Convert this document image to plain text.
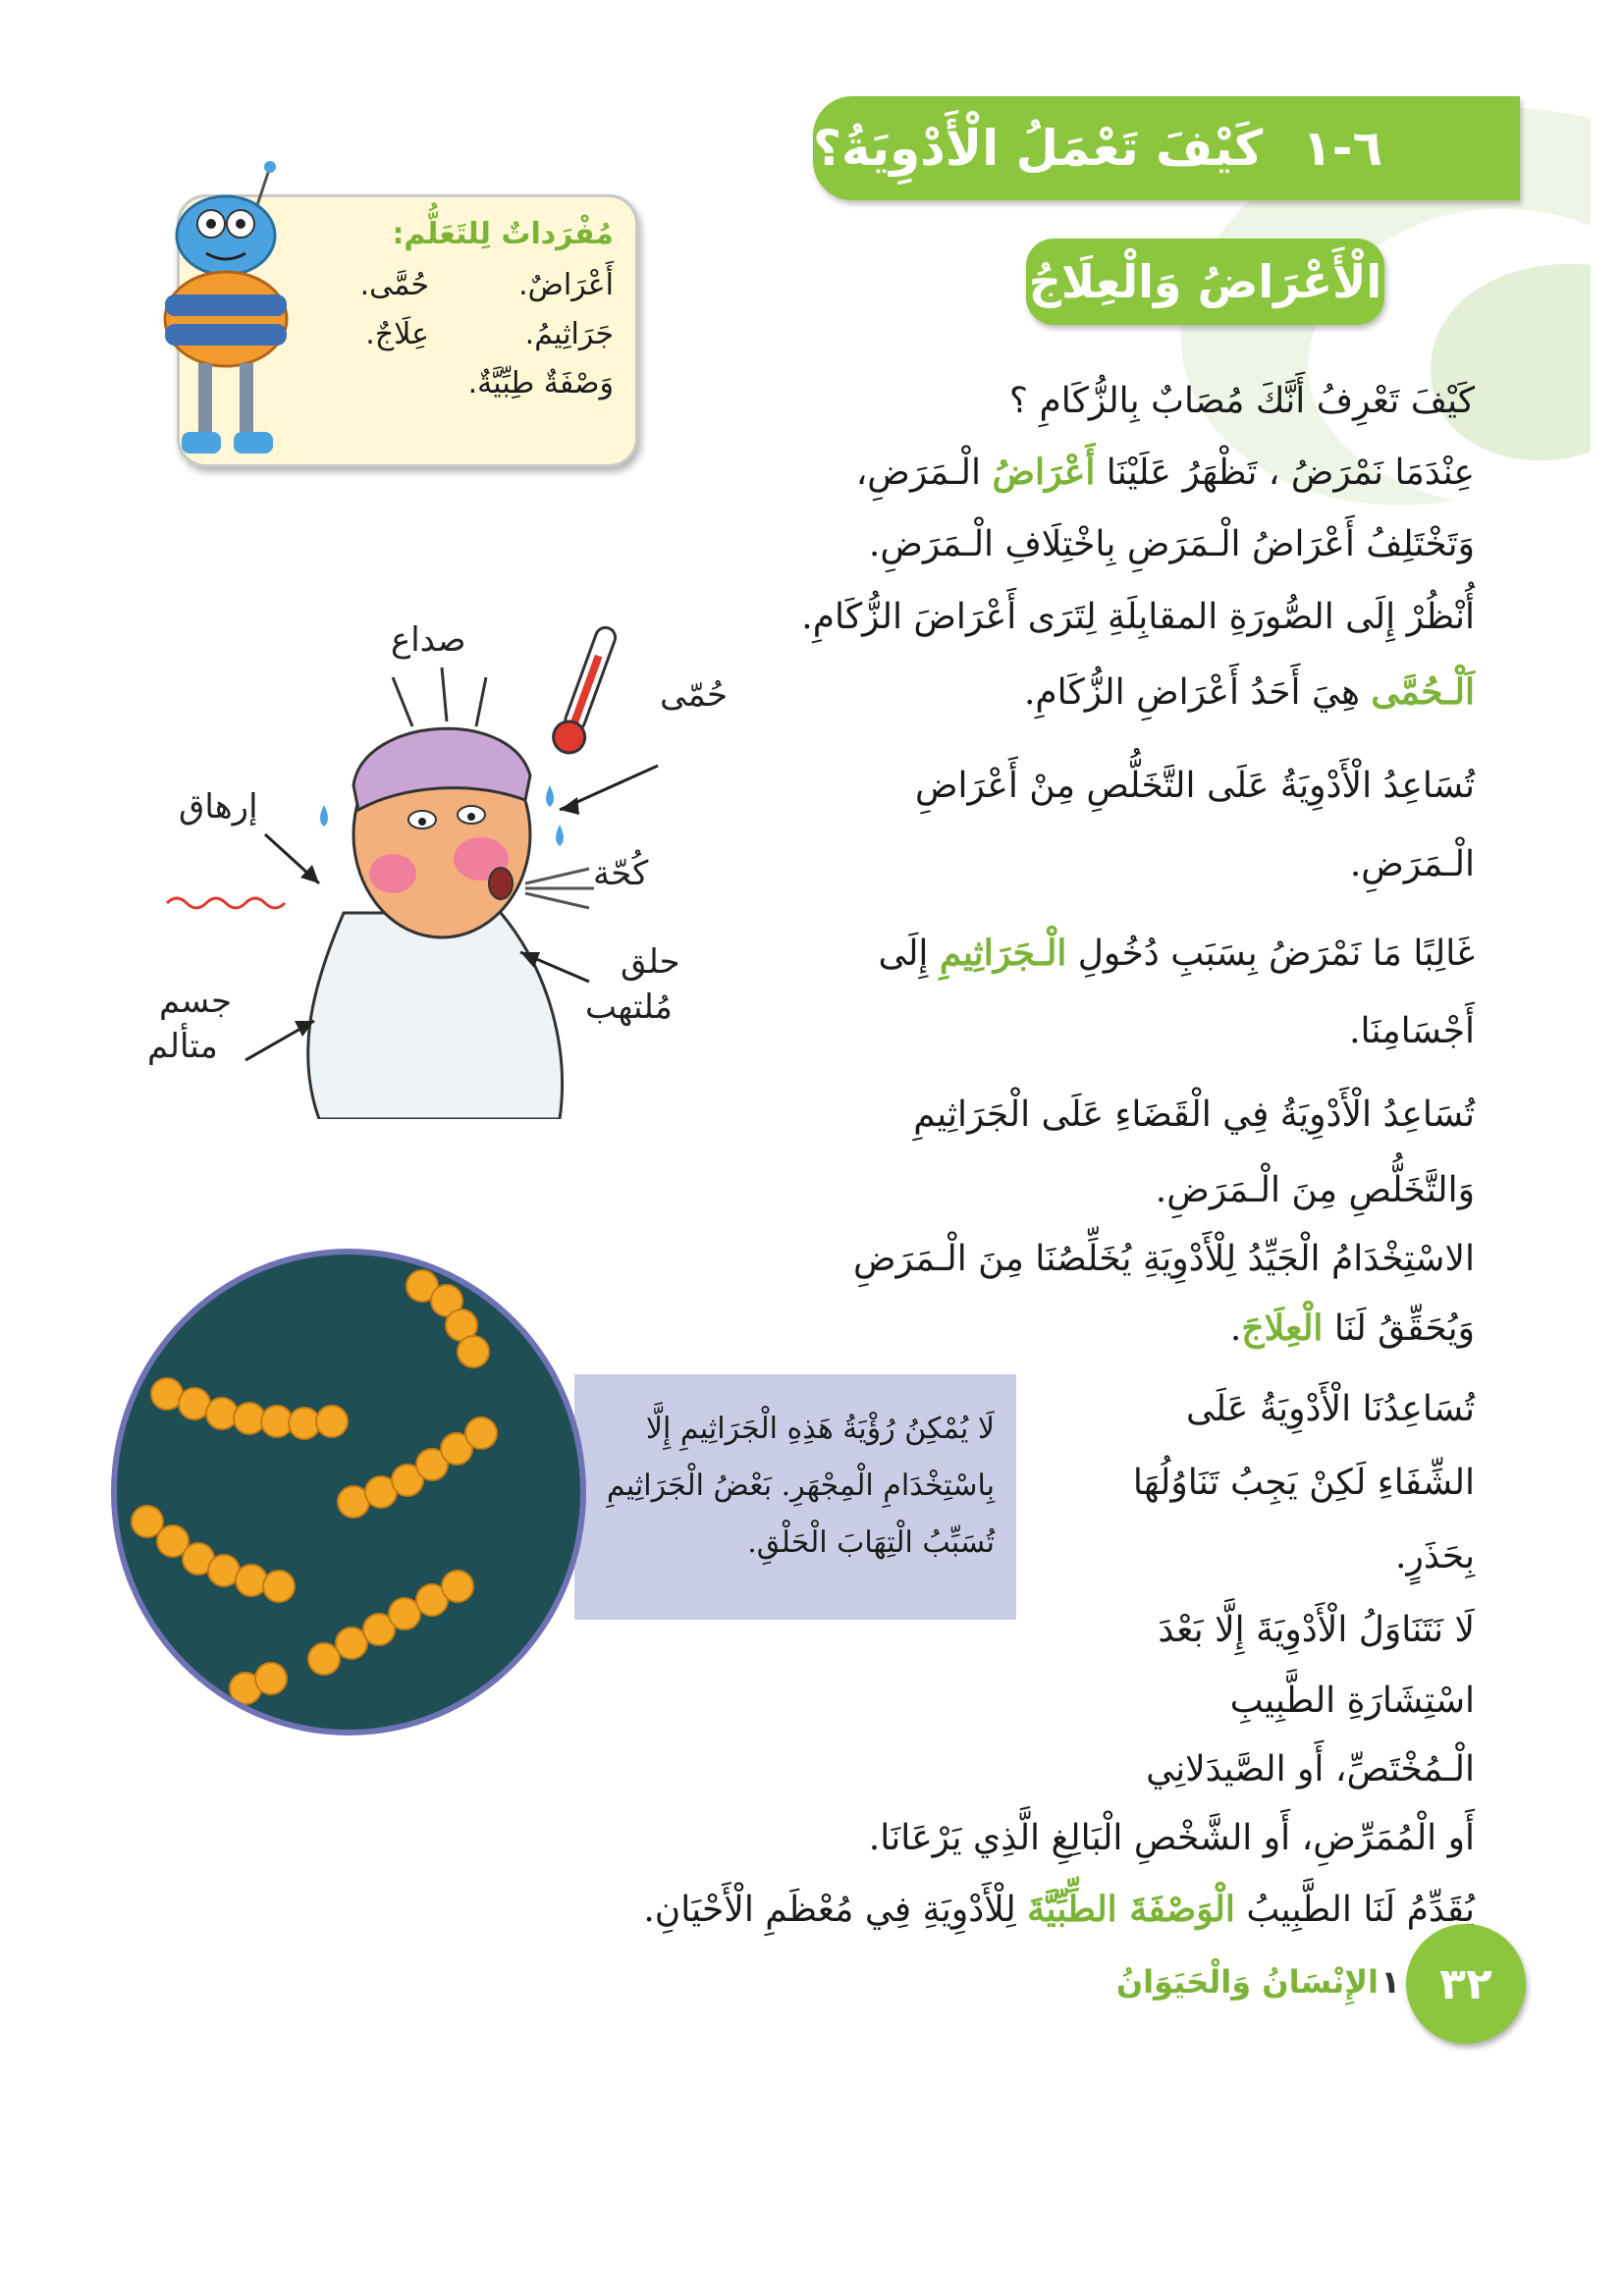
٦-١
كَيْفَ تَعْمَلُ الْأَدْوِيَةُ؟
الْأَعْرَاضُ وَالْعِلَاجُ
مُفْرَداتٌ لِلتَعَلُّم:
أَعْرَاضٌ.
جَرَاثِيمُ.
وَصْفَةٌ طِبِّيَّةٌ.
حُمَّى.
عِلَاجٌ.
كَيْفَ تَعْرِفُ أَنَّكَ مُصَابٌ بِالزُّكَامِ ؟
عِنْدَمَا نَمْرَضُ ، تَظْهَرُ عَلَيْنَا أَعْرَاضُ الْـمَرَضِ،
وَتَخْتَلِفُ أَعْرَاضُ الْـمَرَضِ بِاخْتِلَافِ الْـمَرَضِ.
أُنْظُرْ إِلَى الصُّورَةِ المقابِلَةِ لِتَرَى أَعْرَاضَ الزُّكَامِ.
اَلْـحُمَّى هِيَ أَحَدُ أَعْرَاضِ الزُّكَامِ.
تُسَاعِدُ الْأَدْوِيَةُ عَلَى التَّخَلُّصِ مِنْ أَعْرَاضِ
الْـمَرَضِ.
غَالِبًا مَا نَمْرَضُ بِسَبَبِ دُخُولِ الْـجَرَاثِيمِ إِلَى
أَجْسَامِنَا.
تُسَاعِدُ الْأَدْوِيَةُ فِي الْقَضَاءِ عَلَى الْجَرَاثِيمِ
وَالتَّخَلُّصِ مِنَ الْـمَرَضِ.
الاسْتِخْدَامُ الْجَيِّدُ لِلْأَدْوِيَةِ يُخَلِّصُنَا مِنَ الْـمَرَضِ
وَيُحَقِّقُ لَنَا الْعِلَاجَ.
تُسَاعِدُنَا الْأَدْوِيَةُ عَلَى
الشِّفَاءِ لَكِنْ يَجِبُ تَنَاوُلُهَا
بِحَذَرٍ.
لَا نَتَنَاوَلُ الْأَدْوِيَةَ إِلَّا بَعْدَ
اسْتِشَارَةِ الطَّبِيبِ
الْـمُخْتَصِّ، أَو الصَّيدَلانِي
أَو الْمُمَرِّضِ، أَو الشَّخْصِ الْبَالِغِ الَّذِي يَرْعَانَا.
يُقَدِّمُ لَنَا الطَّبِيبُ الْوَصْفَةَ الطِّبِّيَّةَ لِلْأَدْوِيَةِ فِي مُعْظَمِ الْأَحْيَانِ.
صداع
حُمّى
إرهاق
كُحّة
حلق
مُلتهب
جسم
متألم
لَا يُمْكِنُ رُؤْيَةُ هَذِهِ الْجَرَاثِيمِ إِلَّا
بِاسْتِخْدَامِ الْمِجْهَرِ. بَعْضُ الْجَرَاثِيمِ
تُسَبِّبُ الْتِهَابَ الْحَلْقِ.
٣٢
الإِنْسَانُ وَالْحَيَوَانُ ١
